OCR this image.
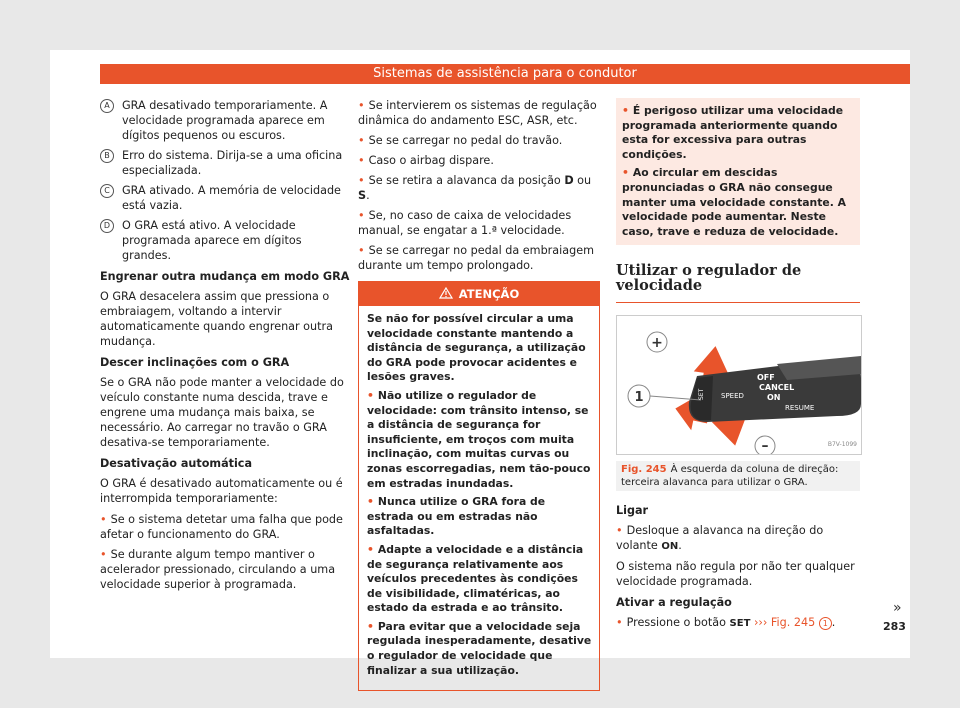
Sistemas de assistência para o condutor
A	GRA desativado temporariamente. A velocidade programada aparece em dígitos pequenos ou escuros.
B	Erro do sistema. Dirija-se a uma oficina especializada.
C	GRA ativado. A memória de velocidade está vazia.
D	O GRA está ativo. A velocidade programada aparece em dígitos grandes.

Engrenar outra mudança em modo GRA

O GRA desacelera assim que pressiona o embraiagem, voltando a intervir automaticamente quando engrenar outra mudança.

Descer inclinações com o GRA

Se o GRA não pode manter a velocidade do veículo constante numa descida, trave e engrene uma mudança mais baixa, se necessário. Ao carregar no travão o GRA desativa-se temporariamente.

Desativação automática

O GRA é desativado automaticamente ou é interrompida temporariamente:

• Se o sistema detetar uma falha que pode afetar o funcionamento do GRA.
• Se durante algum tempo mantiver o acelerador pressionado, circulando a uma velocidade superior à programada.
• Se intervierem os sistemas de regulação dinâmica do andamento ESC, ASR, etc.
• Se se carregar no pedal do travão.
• Caso o airbag dispare.
• Se se retira a alavanca da posição D ou S.
• Se, no caso de caixa de velocidades manual, se engatar a 1.ª velocidade.
• Se se carregar no pedal da embraiagem durante um tempo prolongado.
ATENÇÃO

Se não for possível circular a uma velocidade constante mantendo a distância de segurança, a utilização do GRA pode provocar acidentes e lesões graves.

• Não utilize o regulador de velocidade: com trânsito intenso, se a distância de segurança for insuficiente, em troços com muita inclinação, com muitas curvas ou zonas escorregadias, nem tão-pouco em estradas inundadas.
• Nunca utilize o GRA fora de estrada ou em estradas não asfaltadas.
• Adapte a velocidade e a distância de segurança relativamente aos veículos precedentes às condições de visibilidade, climatéricas, ao estado da estrada e ao trânsito.
• Para evitar que a velocidade seja regulada inesperadamente, desative o regulador de velocidade que finalizar a sua utilização.
• É perigoso utilizar uma velocidade programada anteriormente quando esta for excessiva para outras condições.
• Ao circular em descidas pronunciadas o GRA não consegue manter uma velocidade constante. A velocidade pode aumentar. Neste caso, trave e reduza de velocidade.
Utilizar o regulador de velocidade
+
–
1
OFF
CANCEL
ON
RESUME
SPEED
SET
B7V-1099
Fig. 245 À esquerda da coluna de direção: terceira alavanca para utilizar o GRA.

Ligar

• Desloque a alavanca na direção do volante ON.

O sistema não regula por não ter qualquer velocidade programada.

Ativar a regulação

• Pressione o botão SET ››› Fig. 245 1 .
»
283
